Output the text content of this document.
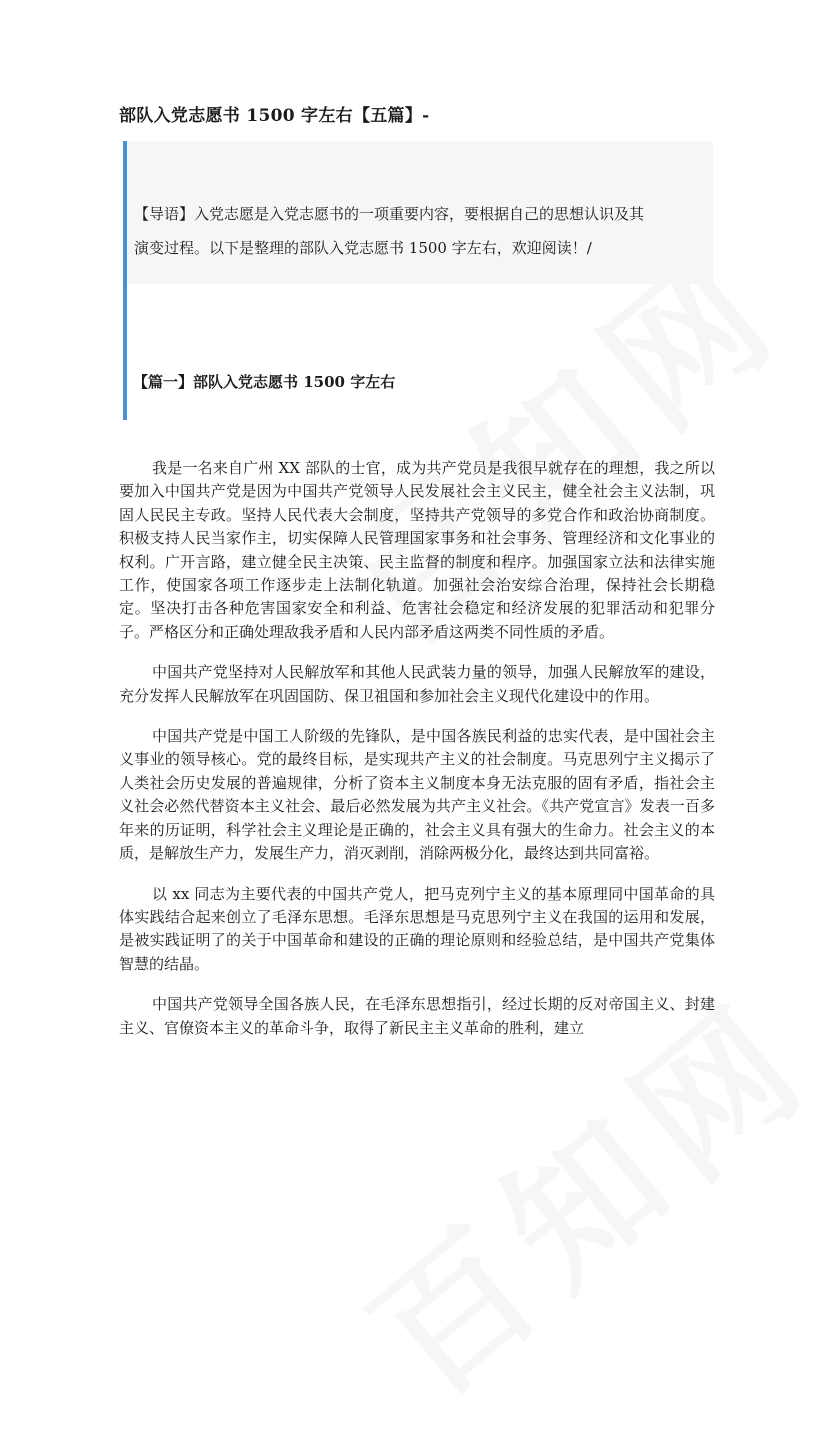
部队入党志愿书 1500 字左右【五篇】-

【导语】入党志愿是入党志愿书的一项重要内容，要根据自己的思想认识及其
演变过程。以下是整理的部队入党志愿书 1500 字左右，欢迎阅读！/

【篇一】部队入党志愿书 1500 字左右

我是一名来自广州 XX 部队的士官，成为共产党员是我很早就存在的理想，我之所以要加入中国共产党是因为中国共产党领导人民发展社会主义民主，健全社会主义法制，巩固人民民主专政。坚持人民代表大会制度，坚持共产党领导的多党合作和政治协商制度。积极支持人民当家作主，切实保障人民管理国家事务和社会事务、管理经济和文化事业的权利。广开言路，建立健全民主决策、民主监督的制度和程序。加强国家立法和法律实施工作，使国家各项工作逐步走上法制化轨道。加强社会治安综合治理，保持社会长期稳定。坚决打击各种危害国家安全和利益、危害社会稳定和经济发展的犯罪活动和犯罪分子。严格区分和正确处理敌我矛盾和人民内部矛盾这两类不同性质的矛盾。

中国共产党坚持对人民解放军和其他人民武装力量的领导，加强人民解放军的建设，充分发挥人民解放军在巩固国防、保卫祖国和参加社会主义现代化建设中的作用。

中国共产党是中国工人阶级的先锋队，是中国各族民利益的忠实代表，是中国社会主义事业的领导核心。党的最终目标，是实现共产主义的社会制度。马克思列宁主义揭示了人类社会历史发展的普遍规律，分析了资本主义制度本身无法克服的固有矛盾，指社会主义社会必然代替资本主义社会、最后必然发展为共产主义社会。《共产党宣言》发表一百多年来的历证明，科学社会主义理论是正确的，社会主义具有强大的生命力。社会主义的本质，是解放生产力，发展生产力，消灭剥削，消除两极分化，最终达到共同富裕。

以 xx 同志为主要代表的中国共产党人，把马克列宁主义的基本原理同中国革命的具体实践结合起来创立了毛泽东思想。毛泽东思想是马克思列宁主义在我国的运用和发展，是被实践证明了的关于中国革命和建设的正确的理论原则和经验总结，是中国共产党集体智慧的结晶。

中国共产党领导全国各族人民，在毛泽东思想指引，经过长期的反对帝国主义、封建主义、官僚资本主义的革命斗争，取得了新民主主义革命的胜利，建立
